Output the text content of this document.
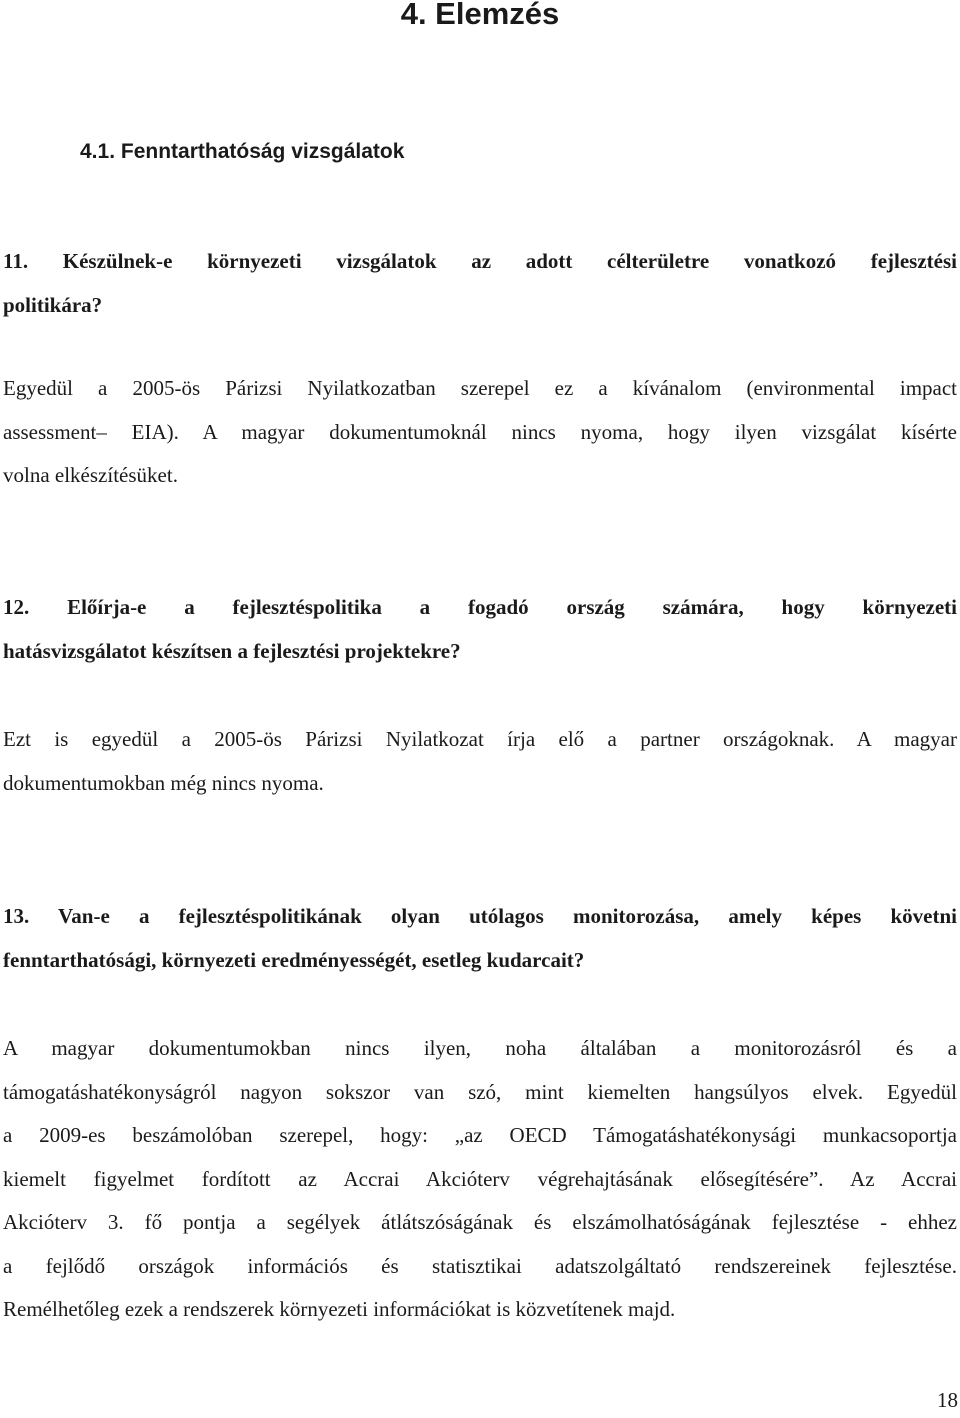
4. Elemzés
4.1. Fenntarthatóság vizsgálatok
11. Készülnek-e környezeti vizsgálatok az adott célterületre vonatkozó fejlesztési
politikára?
Egyedül a 2005-ös Párizsi Nyilatkozatban szerepel ez a kívánalom (environmental impact
assessment– EIA). A magyar dokumentumoknál nincs nyoma, hogy ilyen vizsgálat kísérte
volna elkészítésüket.
12. Előírja-e a fejlesztéspolitika a fogadó ország számára, hogy környezeti
hatásvizsgálatot készítsen a fejlesztési projektekre?
Ezt is egyedül a 2005-ös Párizsi Nyilatkozat írja elő a partner országoknak. A magyar
dokumentumokban még nincs nyoma.
13. Van-e a fejlesztéspolitikának olyan utólagos monitorozása, amely képes követni
fenntarthatósági, környezeti eredményességét, esetleg kudarcait?
A magyar dokumentumokban nincs ilyen, noha általában a monitorozásról és a
támogatáshatékonyságról nagyon sokszor van szó, mint kiemelten hangsúlyos elvek. Egyedül
a 2009-es beszámolóban szerepel, hogy: „az OECD Támogatáshatékonysági munkacsoportja
kiemelt figyelmet fordított az Accrai Akcióterv végrehajtásának elősegítésére”. Az Accrai
Akcióterv 3. fő pontja a segélyek átlátszóságának és elszámolhatóságának fejlesztése - ehhez
a fejlődő országok információs és statisztikai adatszolgáltató rendszereinek fejlesztése.
Remélhetőleg ezek a rendszerek környezeti információkat is közvetítenek majd.
18
